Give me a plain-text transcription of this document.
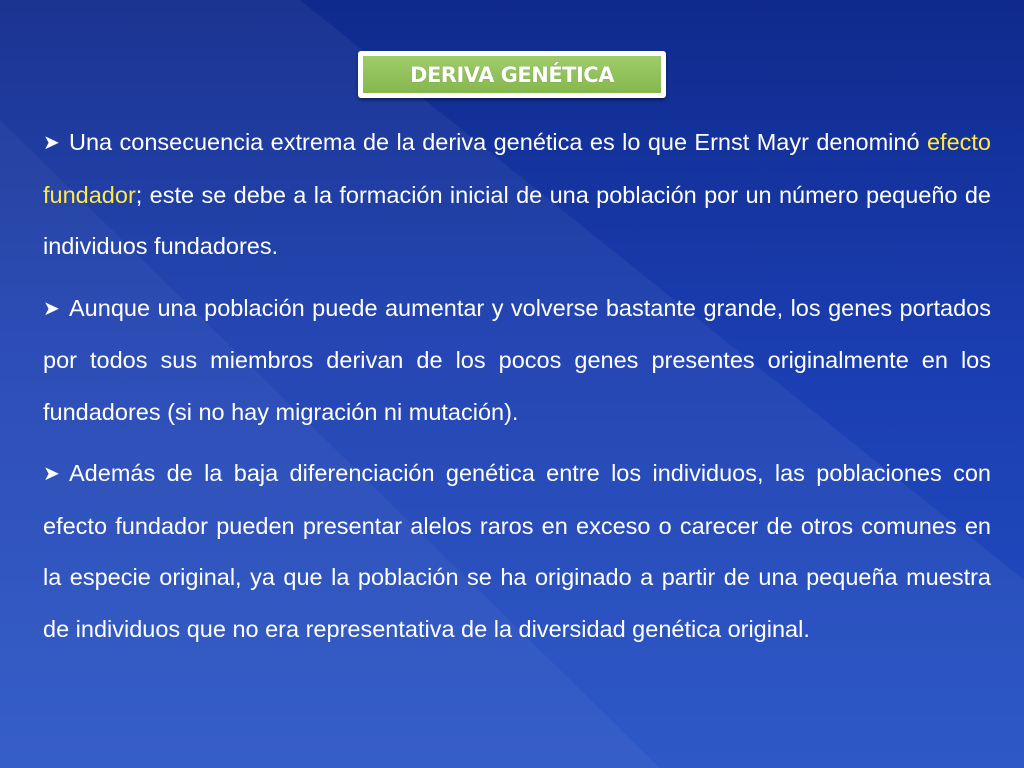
DERIVA GENÉTICA

➤ Una consecuencia extrema de la deriva genética es lo que Ernst Mayr denominó efecto fundador; este se debe a la formación inicial de una población por un número pequeño de individuos fundadores.

➤ Aunque una población puede aumentar y volverse bastante grande, los genes portados por todos sus miembros derivan de los pocos genes presentes originalmente en los fundadores (si no hay migración ni mutación).

➤ Además de la baja diferenciación genética entre los individuos, las poblaciones con efecto fundador pueden presentar alelos raros en exceso o carecer de otros comunes en la especie original, ya que la población se ha originado a partir de una pequeña muestra de individuos que no era representativa de la diversidad genética original.
